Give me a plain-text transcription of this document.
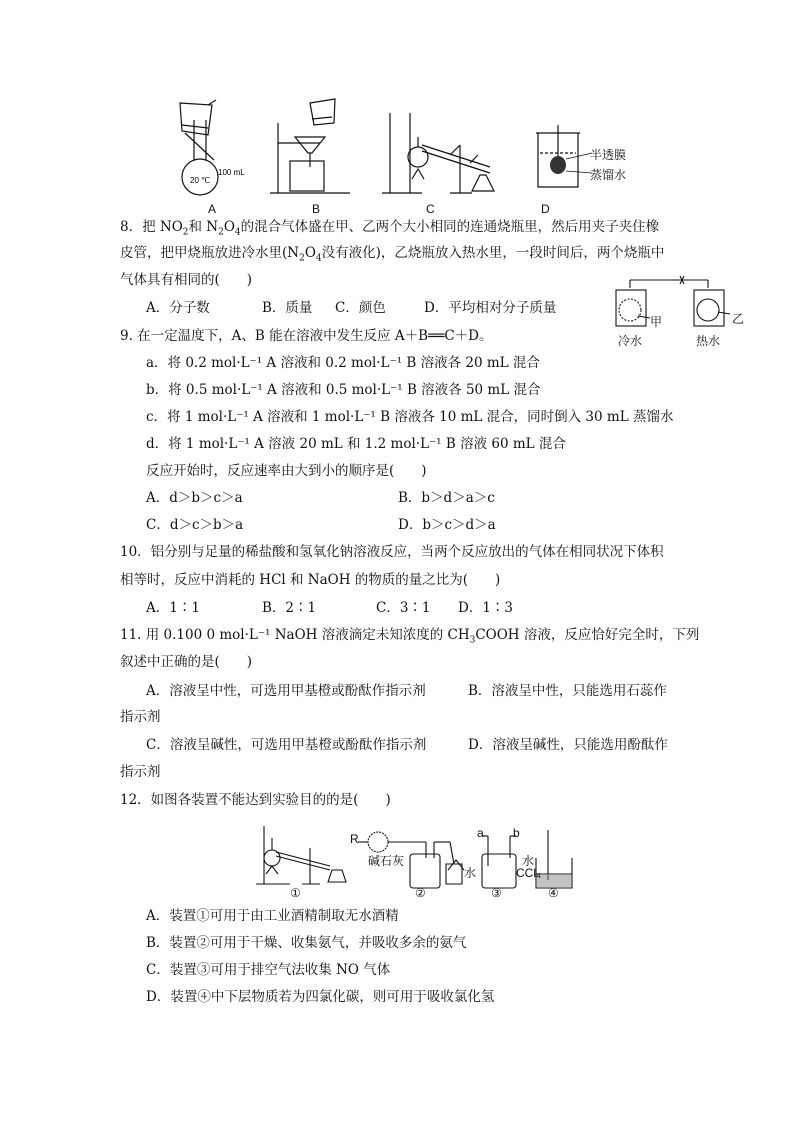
20 ℃
100 mL
半透膜
蒸馏水
A	B	C	D
8．把 $NO_2$和 $N_2O_4$的混合气体盛在甲、乙两个大小相同的连通烧瓶里，然后用夹子夹住橡
皮管，把甲烧瓶放进冷水里($N_2O_4$没有液化)，乙烧瓶放入热水里，一段时间后，两个烧瓶中
气体具有相同的(　　)
A．分子数	B．质量 C．颜色	D．平均相对分子质量
甲	乙
冷水	热水
9. 在一定温度下，A、B 能在溶液中发生反应 A＋B══C＋D。
a．将 0.2 mol·L⁻¹ A 溶液和 0.2 mol·L⁻¹ B 溶液各 20 mL 混合
b．将 0.5 mol·L⁻¹ A 溶液和 0.5 mol·L⁻¹ B 溶液各 50 mL 混合
c．将 1 mol·L⁻¹ A 溶液和 1 mol·L⁻¹ B 溶液各 10 mL 混合，同时倒入 30 mL 蒸馏水
d．将 1 mol·L⁻¹ A 溶液 20 mL 和 1.2 mol·L⁻¹ B 溶液 60 mL 混合
反应开始时，反应速率由大到小的顺序是(　　)
A．d＞b＞c＞a	B．b＞d＞a＞c
C．d＞c＞b＞a	D．b＞c＞d＞a
10．铝分别与足量的稀盐酸和氢氧化钠溶液反应，当两个反应放出的气体在相同状况下体积
相等时，反应中消耗的 HCl 和 NaOH 的物质的量之比为(　　)
A．1∶1	B．2∶1	C．3∶1 D．1∶3
11. 用 0.100 0 mol·L⁻¹ NaOH 溶液滴定未知浓度的 $CH_3COOH$ 溶液，反应恰好完全时，下列
叙述中正确的是(　　)
A．溶液呈中性，可选用甲基橙或酚酞作指示剂	B．溶液呈中性，只能选用石蕊作
指示剂
C．溶液呈碱性，可选用甲基橙或酚酞作指示剂	D．溶液呈碱性，只能选用酚酞作
指示剂
12．如图各装置不能达到实验目的的是(　　)
R
碱石灰
水
a b
水
CCl₄
①	②	③	④
A．装置①可用于由工业酒精制取无水酒精
B．装置②可用于干燥、收集氨气，并吸收多余的氨气
C．装置③可用于排空气法收集 NO 气体
D．装置④中下层物质若为四氯化碳，则可用于吸收氯化氢
